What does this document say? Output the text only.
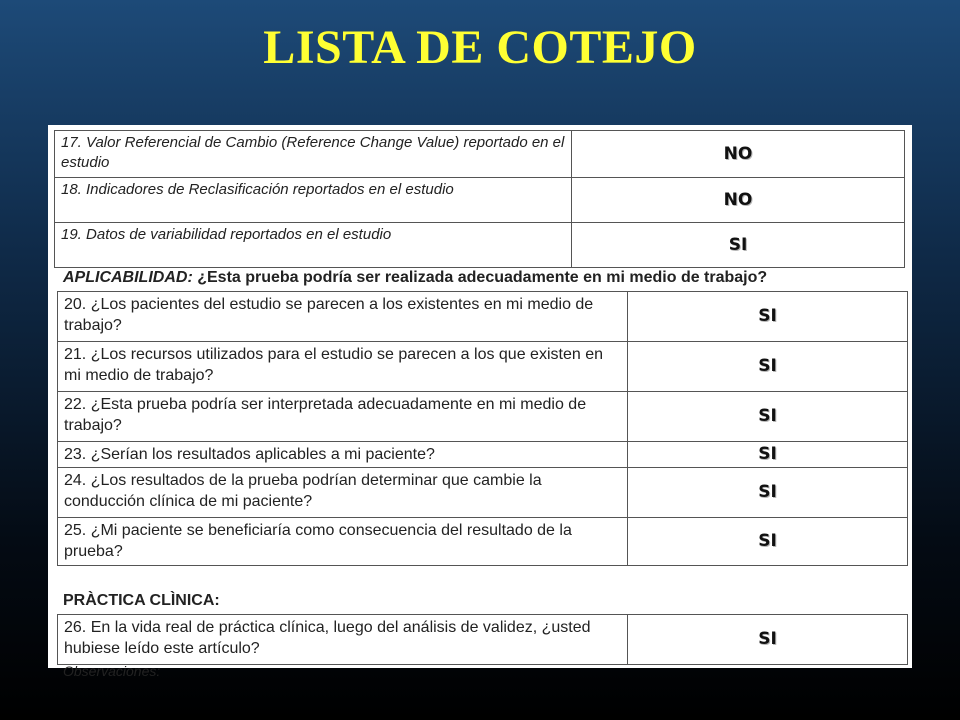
LISTA DE COTEJO
17. Valor Referencial de Cambio (Reference Change Value) reportado en el estudio	NO
18. Indicadores de Reclasificación reportados en el estudio	NO
19. Datos de variabilidad reportados en el estudio	SI
APLICABILIDAD: ¿Esta prueba podría ser realizada adecuadamente en mi medio de trabajo?
20. ¿Los pacientes del estudio se parecen a los existentes en mi medio de trabajo?	SI
21. ¿Los recursos utilizados para el estudio se parecen a los que existen en mi medio de trabajo?	SI
22. ¿Esta prueba podría ser interpretada adecuadamente en mi medio de trabajo?	SI
23. ¿Serían los resultados aplicables a mi paciente?	SI
24. ¿Los resultados de la prueba podrían determinar que cambie la conducción clínica de mi paciente?	SI
25. ¿Mi paciente se beneficiaría como consecuencia del resultado de la prueba?	SI
PRÀCTICA CLÌNICA:
26. En la vida real de práctica clínica, luego del análisis de validez, ¿usted hubiese leído este artículo?	SI
Observaciones:
